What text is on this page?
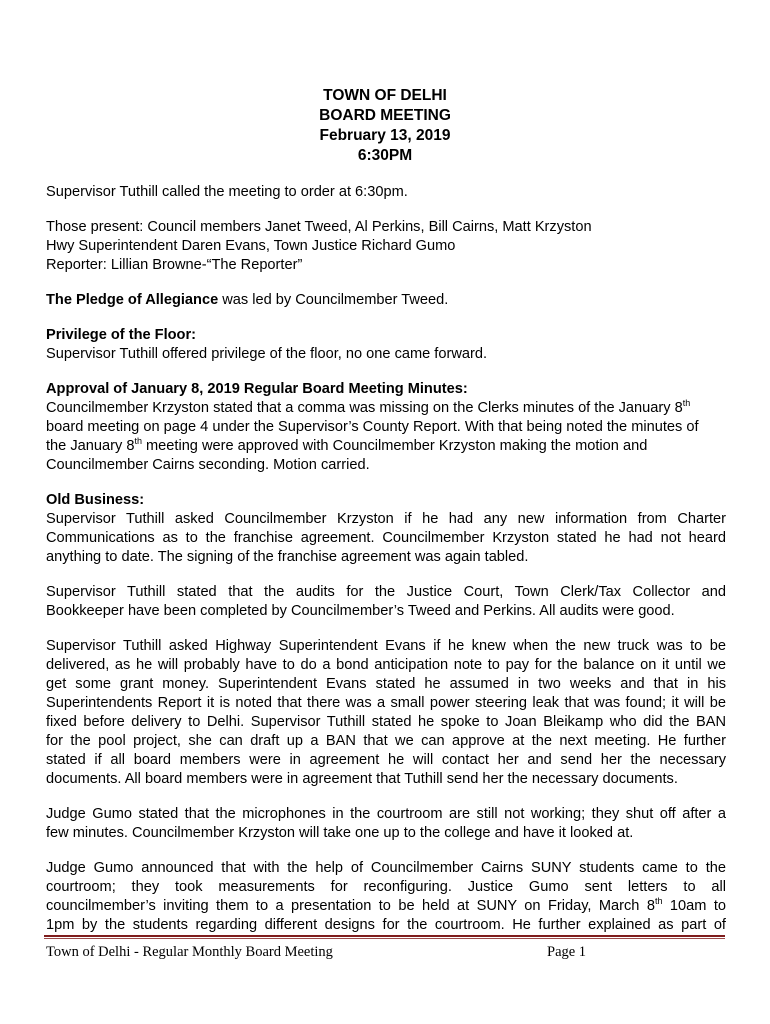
TOWN OF DELHI
BOARD MEETING
February 13, 2019
6:30PM
Supervisor Tuthill called the meeting to order at 6:30pm.
Those present: Council members Janet Tweed, Al Perkins, Bill Cairns, Matt Krzyston
Hwy Superintendent Daren Evans, Town Justice Richard Gumo
Reporter: Lillian Browne-“The Reporter”
The Pledge of Allegiance was led by Councilmember Tweed.
Privilege of the Floor:
Supervisor Tuthill offered privilege of the floor, no one came forward.
Approval of January 8, 2019 Regular Board Meeting Minutes:
Councilmember Krzyston stated that a comma was missing on the Clerks minutes of the January 8th
board meeting on page 4 under the Supervisor’s County Report. With that being noted the minutes of
the January 8th meeting were approved with Councilmember Krzyston making the motion and
Councilmember Cairns seconding. Motion carried.
Old Business:
Supervisor Tuthill asked Councilmember Krzyston if he had any new information from Charter
Communications as to the franchise agreement. Councilmember Krzyston stated he had not heard
anything to date. The signing of the franchise agreement was again tabled.
Supervisor Tuthill stated that the audits for the Justice Court, Town Clerk/Tax Collector and
Bookkeeper have been completed by Councilmember’s Tweed and Perkins. All audits were good.
Supervisor Tuthill asked Highway Superintendent Evans if he knew when the new truck was to be
delivered, as he will probably have to do a bond anticipation note to pay for the balance on it until we
get some grant money. Superintendent Evans stated he assumed in two weeks and that in his
Superintendents Report it is noted that there was a small power steering leak that was found; it will be
fixed before delivery to Delhi. Supervisor Tuthill stated he spoke to Joan Bleikamp who did the BAN
for the pool project, she can draft up a BAN that we can approve at the next meeting. He further
stated if all board members were in agreement he will contact her and send her the necessary
documents. All board members were in agreement that Tuthill send her the necessary documents.
Judge Gumo stated that the microphones in the courtroom are still not working; they shut off after a
few minutes. Councilmember Krzyston will take one up to the college and have it looked at.
Judge Gumo announced that with the help of Councilmember Cairns SUNY students came to the
courtroom; they took measurements for reconfiguring. Justice Gumo sent letters to all
councilmember’s inviting them to a presentation to be held at SUNY on Friday, March 8th 10am to
1pm by the students regarding different designs for the courtroom. He further explained as part of
Town of Delhi - Regular Monthly Board Meeting	Page 1
